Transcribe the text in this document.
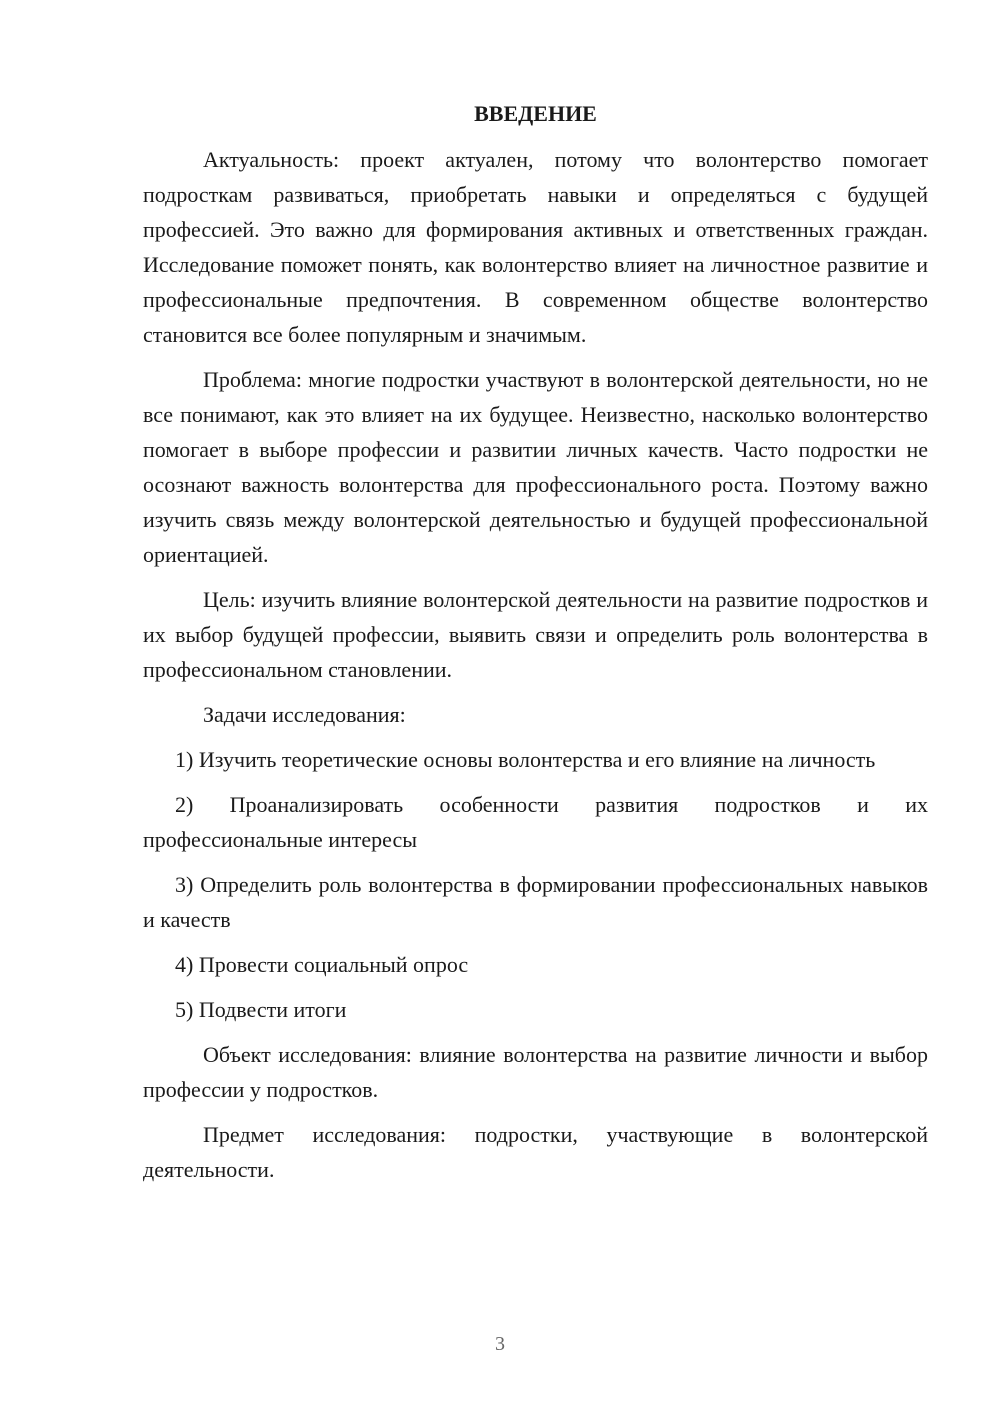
ВВЕДЕНИЕ

Актуальность: проект актуален, потому что волонтерство помогает подросткам развиваться, приобретать навыки и определяться с будущей профессией. Это важно для формирования активных и ответственных граждан. Исследование поможет понять, как волонтерство влияет на личностное развитие и профессиональные предпочтения. В современном обществе волонтерство становится все более популярным и значимым.

Проблема: многие подростки участвуют в волонтерской деятельности, но не все понимают, как это влияет на их будущее. Неизвестно, насколько волонтерство помогает в выборе профессии и развитии личных качеств. Часто подростки не осознают важность волонтерства для профессионального роста. Поэтому важно изучить связь между волонтерской деятельностью и будущей профессиональной ориентацией.

Цель: изучить влияние волонтерской деятельности на развитие подростков и их выбор будущей профессии, выявить связи и определить роль волонтерства в профессиональном становлении.

Задачи исследования:

1) Изучить теоретические основы волонтерства и его влияние на личность

2) Проанализировать особенности развития подростков и их профессиональные интересы

3) Определить роль волонтерства в формировании профессиональных навыков и качеств

4) Провести социальный опрос

5) Подвести итоги

Объект исследования: влияние волонтерства на развитие личности и выбор профессии у подростков.

Предмет исследования: подростки, участвующие в волонтерской деятельности.

3
